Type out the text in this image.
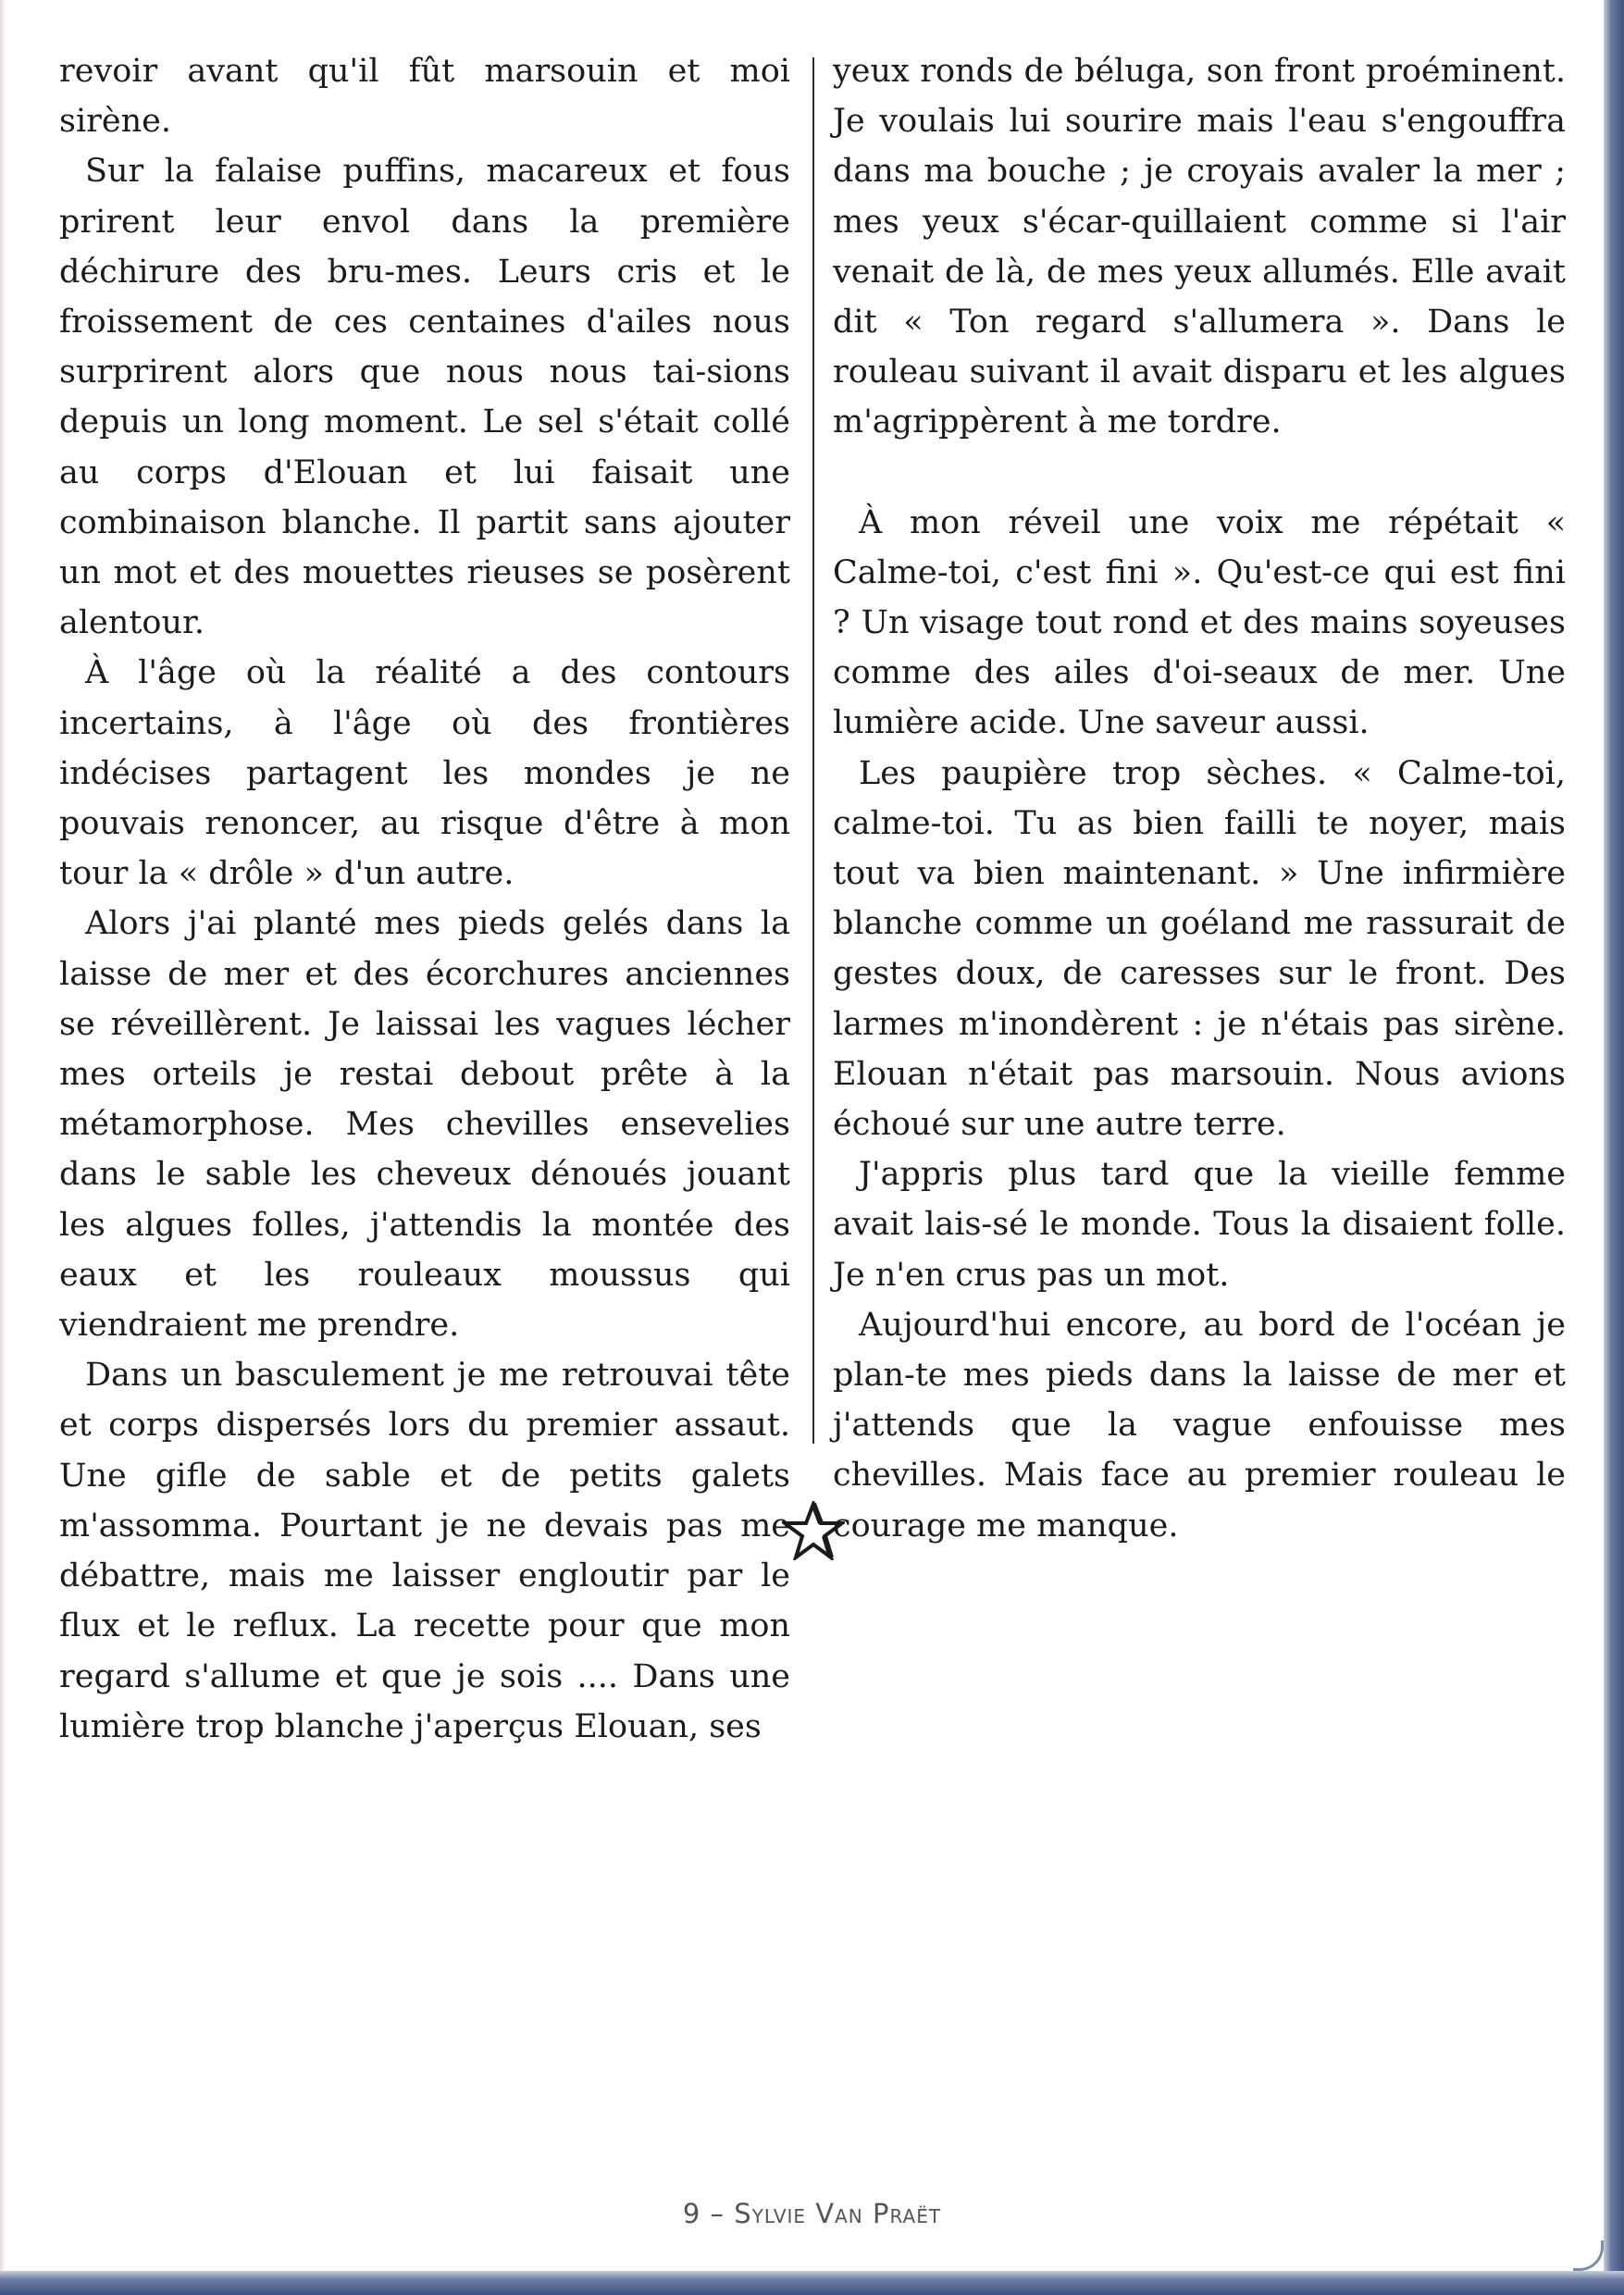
revoir avant qu'il fût marsouin et moi sirène.

Sur la falaise puffins, macareux et fous prirent leur envol dans la première déchirure des bru-mes. Leurs cris et le froissement de ces centaines d'ailes nous surprirent alors que nous nous tai-sions depuis un long moment. Le sel s'était collé au corps d'Elouan et lui faisait une combinaison blanche. Il partit sans ajouter un mot et des mouettes rieuses se posèrent alentour.

À l'âge où la réalité a des contours incertains, à l'âge où des frontières indécises partagent les mondes je ne pouvais renoncer, au risque d'être à mon tour la « drôle » d'un autre.

Alors j'ai planté mes pieds gelés dans la laisse de mer et des écorchures anciennes se réveillèrent. Je laissai les vagues lécher mes orteils je restai debout prête à la métamorphose. Mes chevilles ensevelies dans le sable les cheveux dénoués jouant les algues folles, j'attendis la montée des eaux et les rouleaux moussus qui viendraient me prendre.

Dans un basculement je me retrouvai tête et corps dispersés lors du premier assaut. Une gifle de sable et de petits galets m'assomma. Pourtant je ne devais pas me débattre, mais me laisser engloutir par le flux et le reflux. La recette pour que mon regard s'allume et que je sois .... Dans une lumière trop blanche j'aperçus Elouan, ses

yeux ronds de béluga, son front proéminent. Je voulais lui sourire mais l'eau s'engouffra dans ma bouche ; je croyais avaler la mer ; mes yeux s'écar-quillaient comme si l'air venait de là, de mes yeux allumés. Elle avait dit « Ton regard s'allumera ». Dans le rouleau suivant il avait disparu et les algues m'agrippèrent à me tordre.

À mon réveil une voix me répétait « Calme-toi, c'est fini ». Qu'est-ce qui est fini ? Un visage tout rond et des mains soyeuses comme des ailes d'oi-seaux de mer. Une lumière acide. Une saveur aussi.

Les paupière trop sèches. « Calme-toi, calme-toi. Tu as bien failli te noyer, mais tout va bien maintenant. » Une infirmière blanche comme un goéland me rassurait de gestes doux, de caresses sur le front. Des larmes m'inondèrent : je n'étais pas sirène. Elouan n'était pas marsouin. Nous avions échoué sur une autre terre.

J'appris plus tard que la vieille femme avait lais-sé le monde. Tous la disaient folle. Je n'en crus pas un mot.

Aujourd'hui encore, au bord de l'océan je plan-te mes pieds dans la laisse de mer et j'attends que la vague enfouisse mes chevilles. Mais face au premier rouleau le courage me manque.

9 – Sylvie Van Praët
